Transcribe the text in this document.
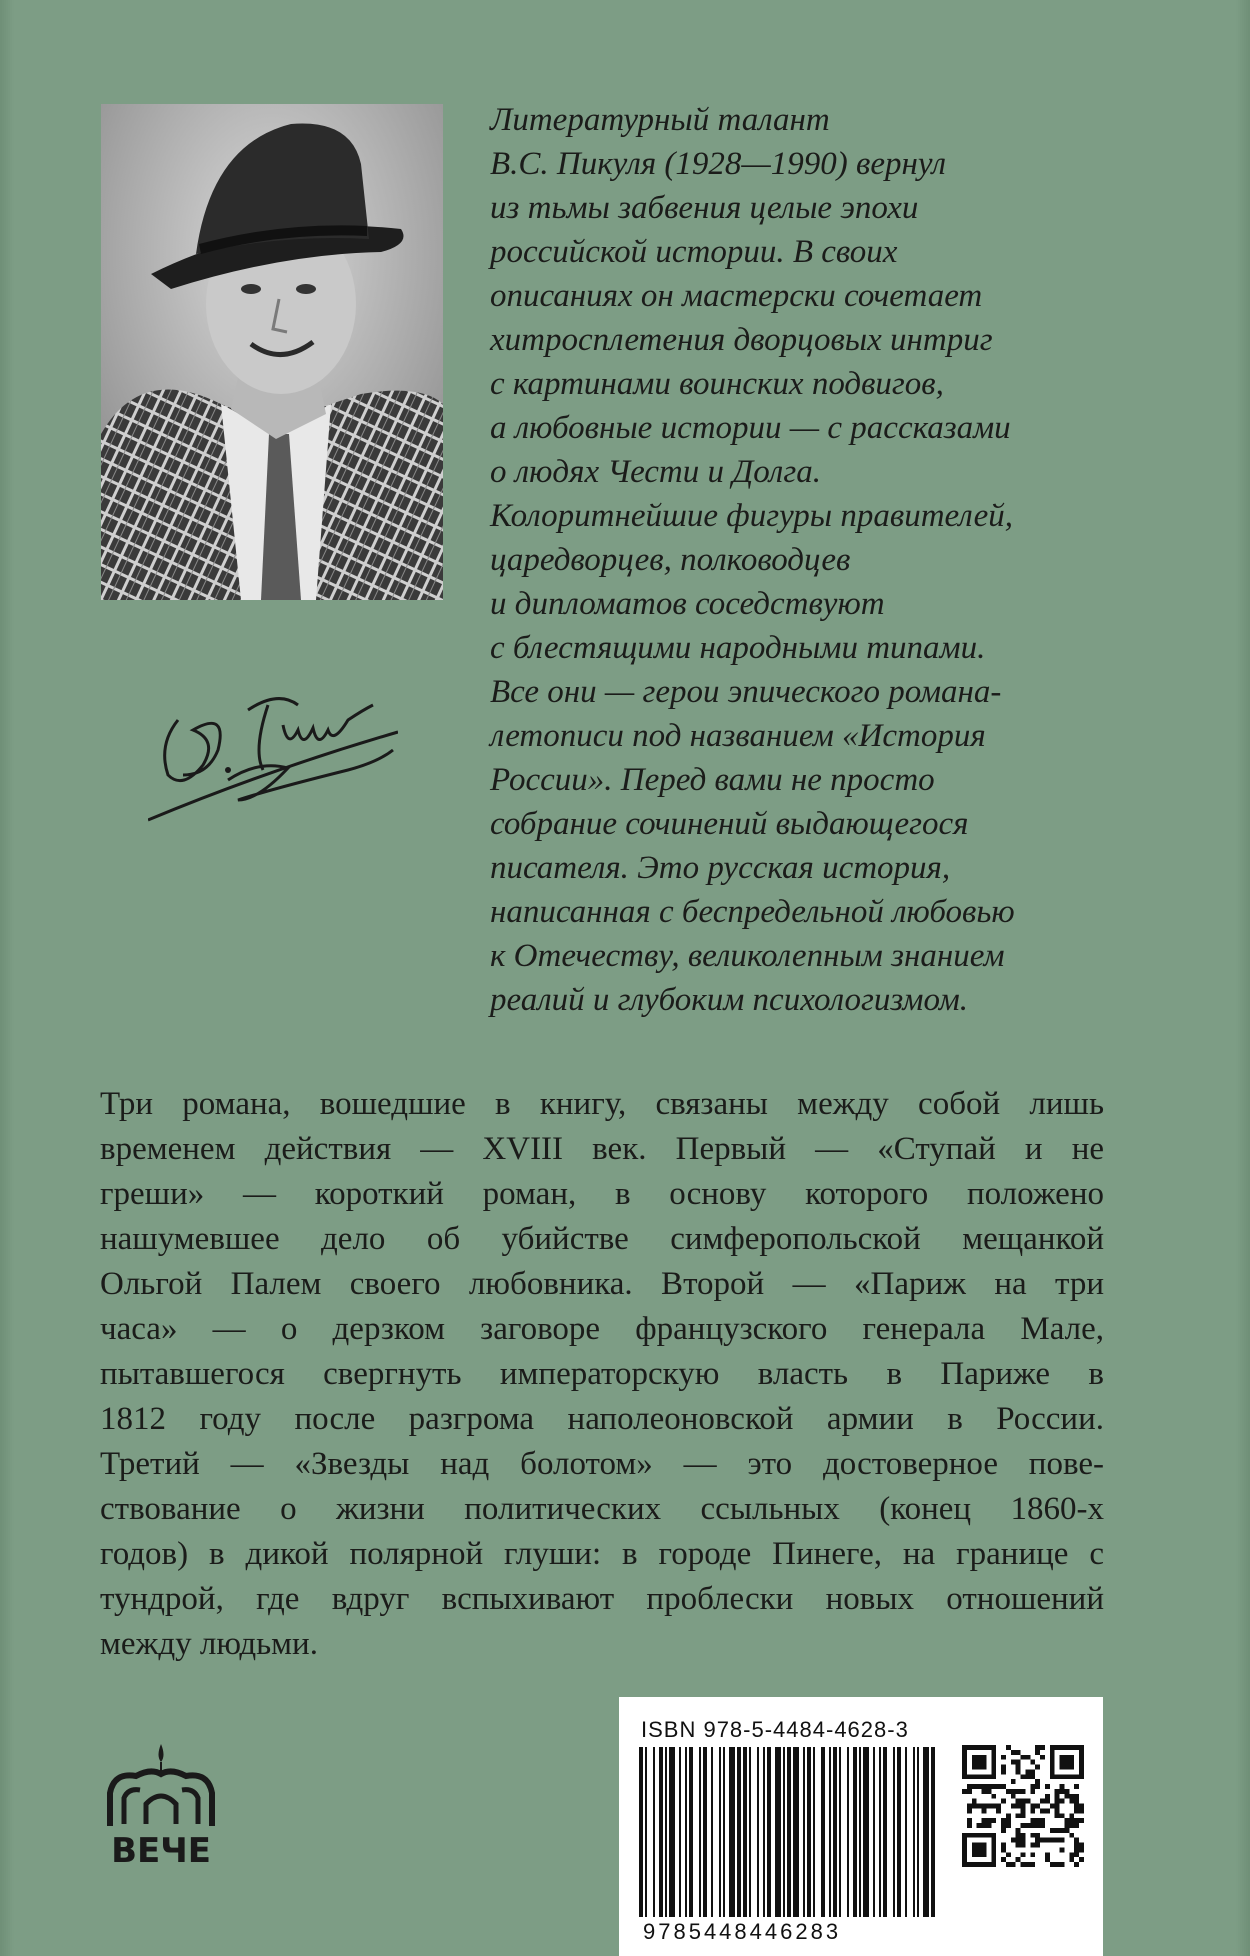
Литературный талант
В.С. Пикуля (1928—1990) вернул
из тьмы забвения целые эпохи
российской истории. В своих
описаниях он мастерски сочетает
хитросплетения дворцовых интриг
с картинами воинских подвигов,
а любовные истории — с рассказами
о людях Чести и Долга.
Колоритнейшие фигуры правителей,
царедворцев, полководцев
и дипломатов соседствуют
с блестящими народными типами.
Все они — герои эпического романа-
летописи под названием «История
России». Перед вами не просто
собрание сочинений выдающегося
писателя. Это русская история,
написанная с беспредельной любовью
к Отечеству, великолепным знанием
реалий и глубоким психологизмом.

Три романа, вошедшие в книгу, связаны между собой лишь
временем действия — XVIII век. Первый — «Ступай и не
греши» — короткий роман, в основу которого положено
нашумевшее дело об убийстве симферопольской мещанкой
Ольгой Палем своего любовника. Второй — «Париж на три
часа» — о дерзком заговоре французского генерала Мале,
пытавшегося свергнуть императорскую власть в Париже в
1812 году после разгрома наполеоновской армии в России.
Третий — «Звезды над болотом» — это достоверное пове-
ствование о жизни политических ссыльных (конец 1860-х
годов) в дикой полярной глуши: в городе Пинеге, на границе с
тундрой, где вдруг вспыхивают проблески новых отношений
между людьми.

ВЕЧЕ
ISBN 978-5-4484-4628-3
9785448446283
